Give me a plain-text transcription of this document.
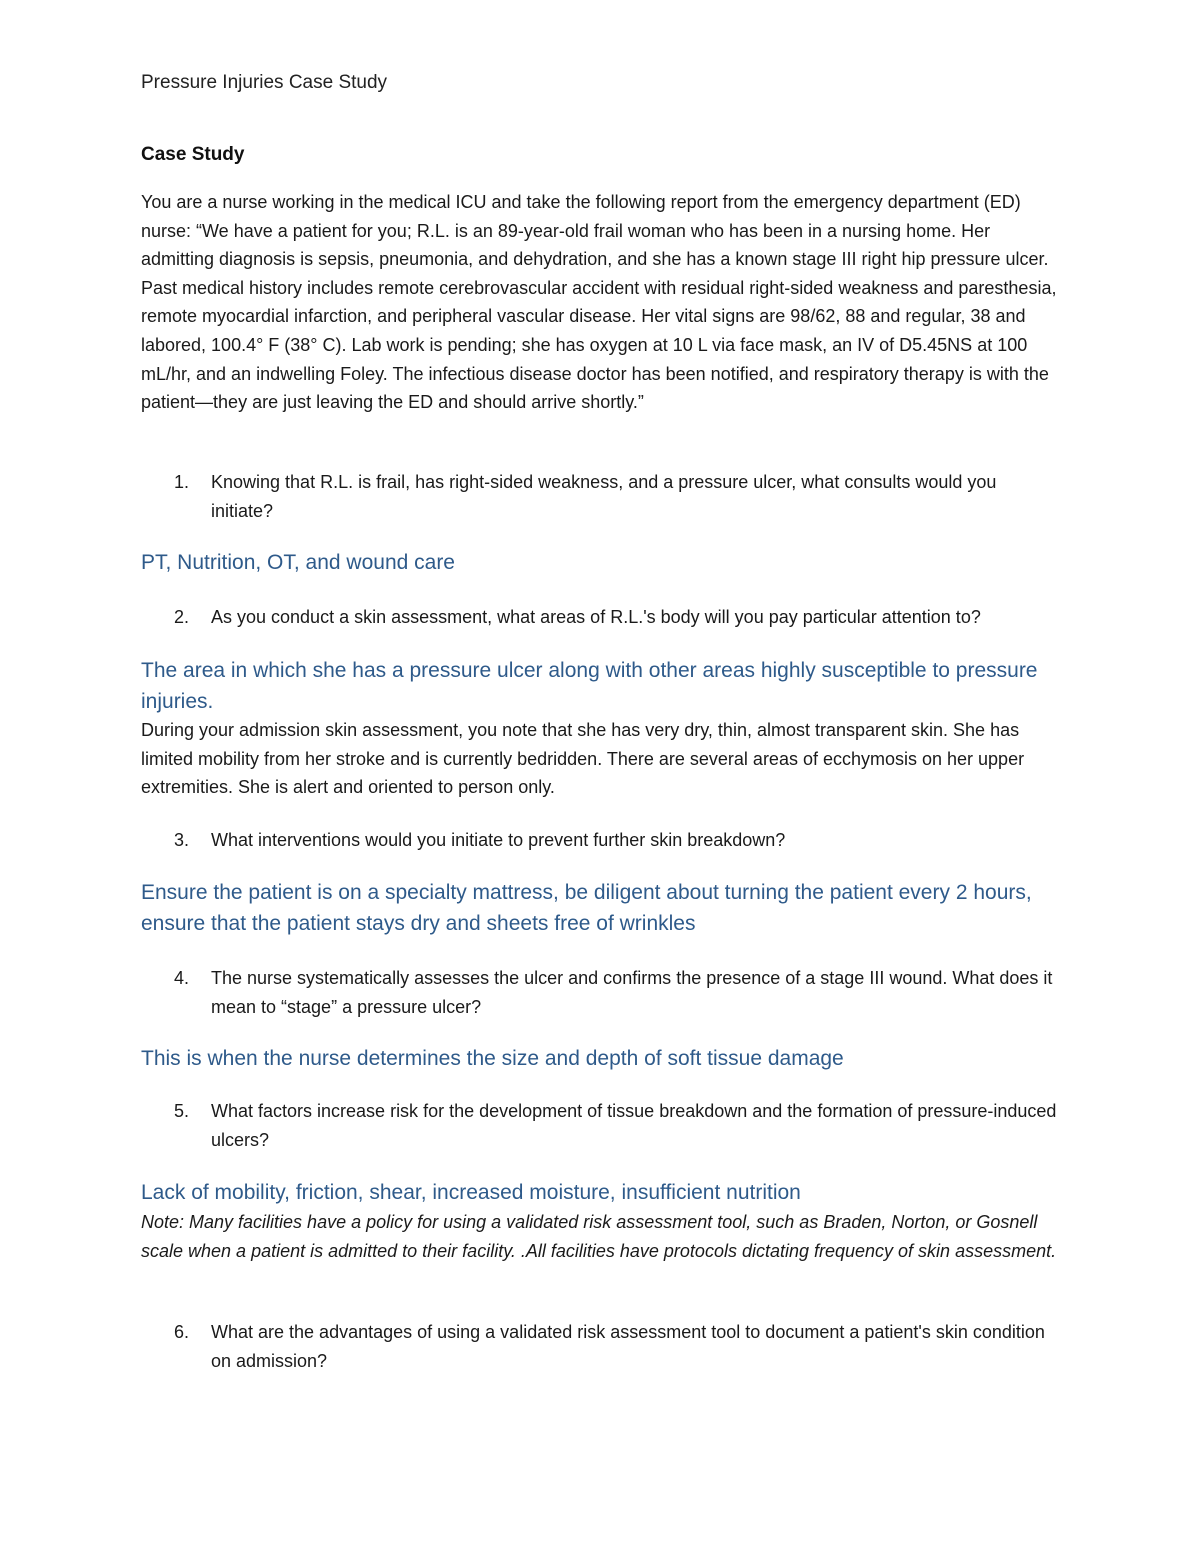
Pressure Injuries Case Study
Case Study

You are a nurse working in the medical ICU and take the following report from the emergency department (ED) nurse: “We have a patient for you; R.L. is an 89-year-old frail woman who has been in a nursing home. Her admitting diagnosis is sepsis, pneumonia, and dehydration, and she has a known stage III right hip pressure ulcer. Past medical history includes remote cerebrovascular accident with residual right-sided weakness and paresthesia, remote myocardial infarction, and peripheral vascular disease. Her vital signs are 98/62, 88 and regular, 38 and labored, 100.4° F (38° C). Lab work is pending; she has oxygen at 10 L via face mask, an IV of D5.45NS at 100 mL/hr, and an indwelling Foley. The infectious disease doctor has been notified, and respiratory therapy is with the patient—they are just leaving the ED and should arrive shortly.”

1.	Knowing that R.L. is frail, has right-sided weakness, and a pressure ulcer, what consults would you initiate?
PT, Nutrition, OT, and wound care
2.	As you conduct a skin assessment, what areas of R.L.'s body will you pay particular attention to?
The area in which she has a pressure ulcer along with other areas highly susceptible to pressure injuries.

During your admission skin assessment, you note that she has very dry, thin, almost transparent skin. She has limited mobility from her stroke and is currently bedridden. There are several areas of ecchymosis on her upper extremities. She is alert and oriented to person only.

3.	What interventions would you initiate to prevent further skin breakdown?
Ensure the patient is on a specialty mattress, be diligent about turning the patient every 2 hours, ensure that the patient stays dry and sheets free of wrinkles
4.	The nurse systematically assesses the ulcer and confirms the presence of a stage III wound. What does it mean to “stage” a pressure ulcer?
This is when the nurse determines the size and depth of soft tissue damage
5.	What factors increase risk for the development of tissue breakdown and the formation of pressure-induced ulcers?
Lack of mobility, friction, shear, increased moisture, insufficient nutrition

Note: Many facilities have a policy for using a validated risk assessment tool, such as Braden, Norton, or Gosnell scale when a patient is admitted to their facility. .All facilities have protocols dictating frequency of skin assessment.

6.	What are the advantages of using a validated risk assessment tool to document a patient's skin condition on admission?
